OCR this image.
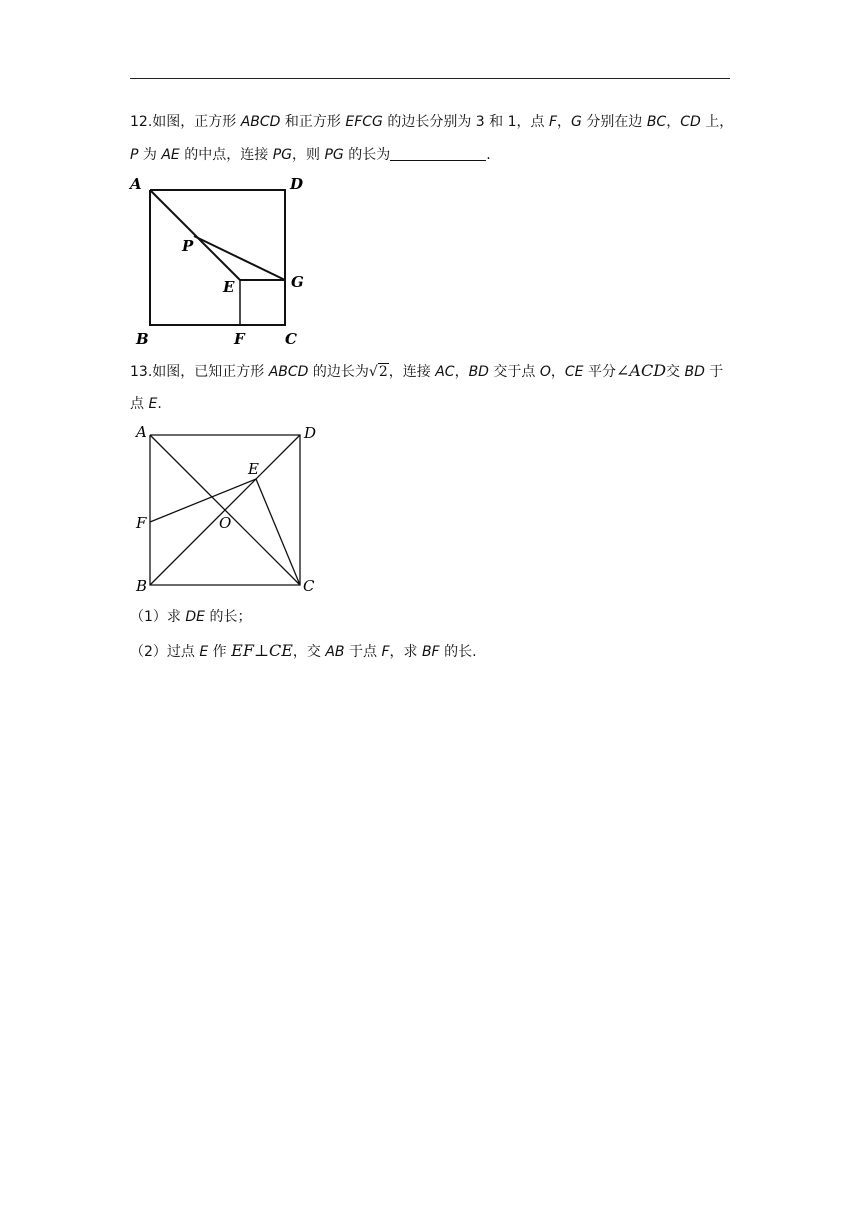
12.如图，正方形 ABCD 和正方形 EFCG 的边长分别为 3 和 1，点 F，G 分别在边 BC，CD 上，
P 为 AE 的中点，连接 PG，则 PG 的长为	.
A	D
P
E	G
B	F	C
13.如图，已知正方形 ABCD 的边长为√2，连接 AC，BD 交于点 O，CE 平分∠ACD交 BD 于
点 E.
A	D
E
F	O
B	C
（1）求 DE 的长；
（2）过点 E 作 EF⊥CE，交 AB 于点 F，求 BF 的长.
